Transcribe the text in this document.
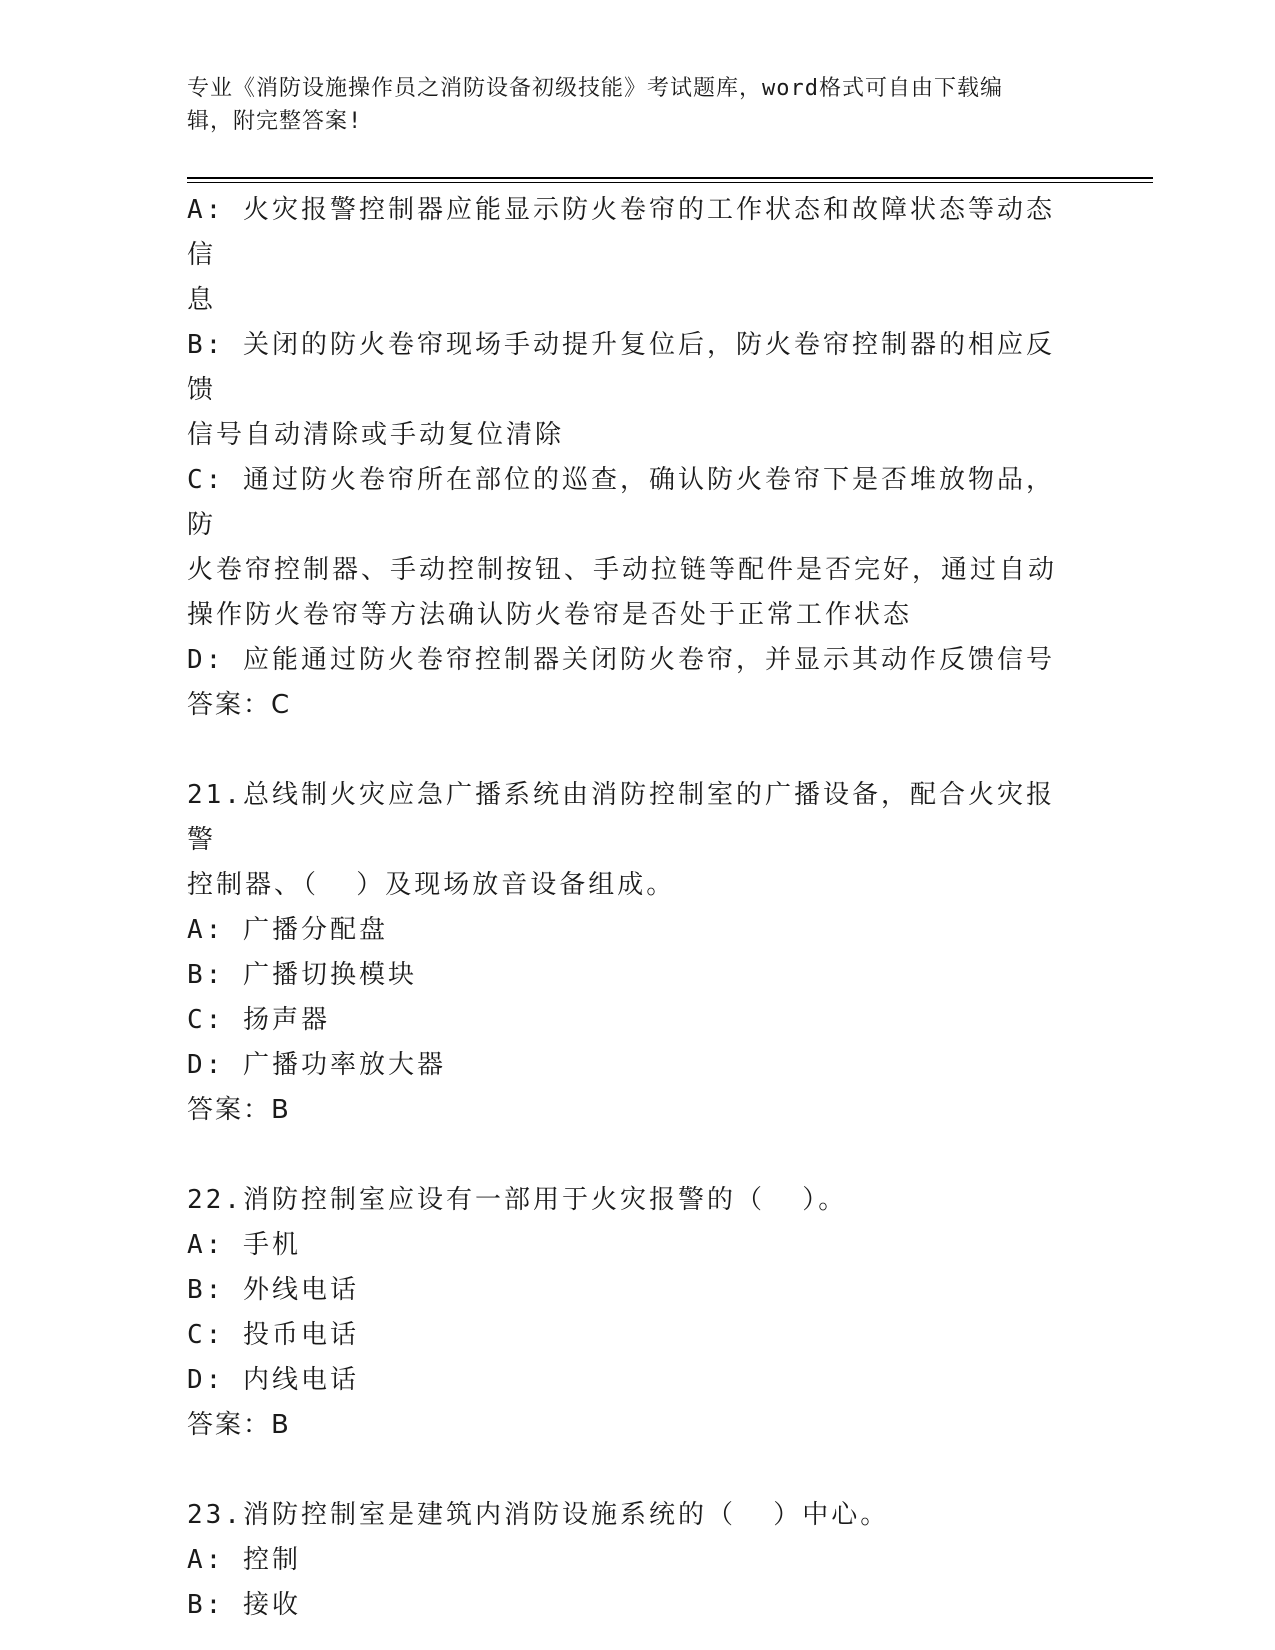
专业《消防设施操作员之消防设备初级技能》考试题库，word格式可自由下载编
辑，附完整答案!
A: 火灾报警控制器应能显示防火卷帘的工作状态和故障状态等动态信
息
B: 关闭的防火卷帘现场手动提升复位后，防火卷帘控制器的相应反馈
信号自动清除或手动复位清除
C: 通过防火卷帘所在部位的巡查，确认防火卷帘下是否堆放物品，防
火卷帘控制器、手动控制按钮、手动拉链等配件是否完好，通过自动
操作防火卷帘等方法确认防火卷帘是否处于正常工作状态
D: 应能通过防火卷帘控制器关闭防火卷帘，并显示其动作反馈信号
答案：C
21.总线制火灾应急广播系统由消防控制室的广播设备，配合火灾报警
控制器、（  ）及现场放音设备组成。
A: 广播分配盘
B: 广播切换模块
C: 扬声器
D: 广播功率放大器
答案：B
22.消防控制室应设有一部用于火灾报警的（  ）。
A: 手机
B: 外线电话
C: 投币电话
D: 内线电话
答案：B
23.消防控制室是建筑内消防设施系统的（  ）中心。
A: 控制
B: 接收
